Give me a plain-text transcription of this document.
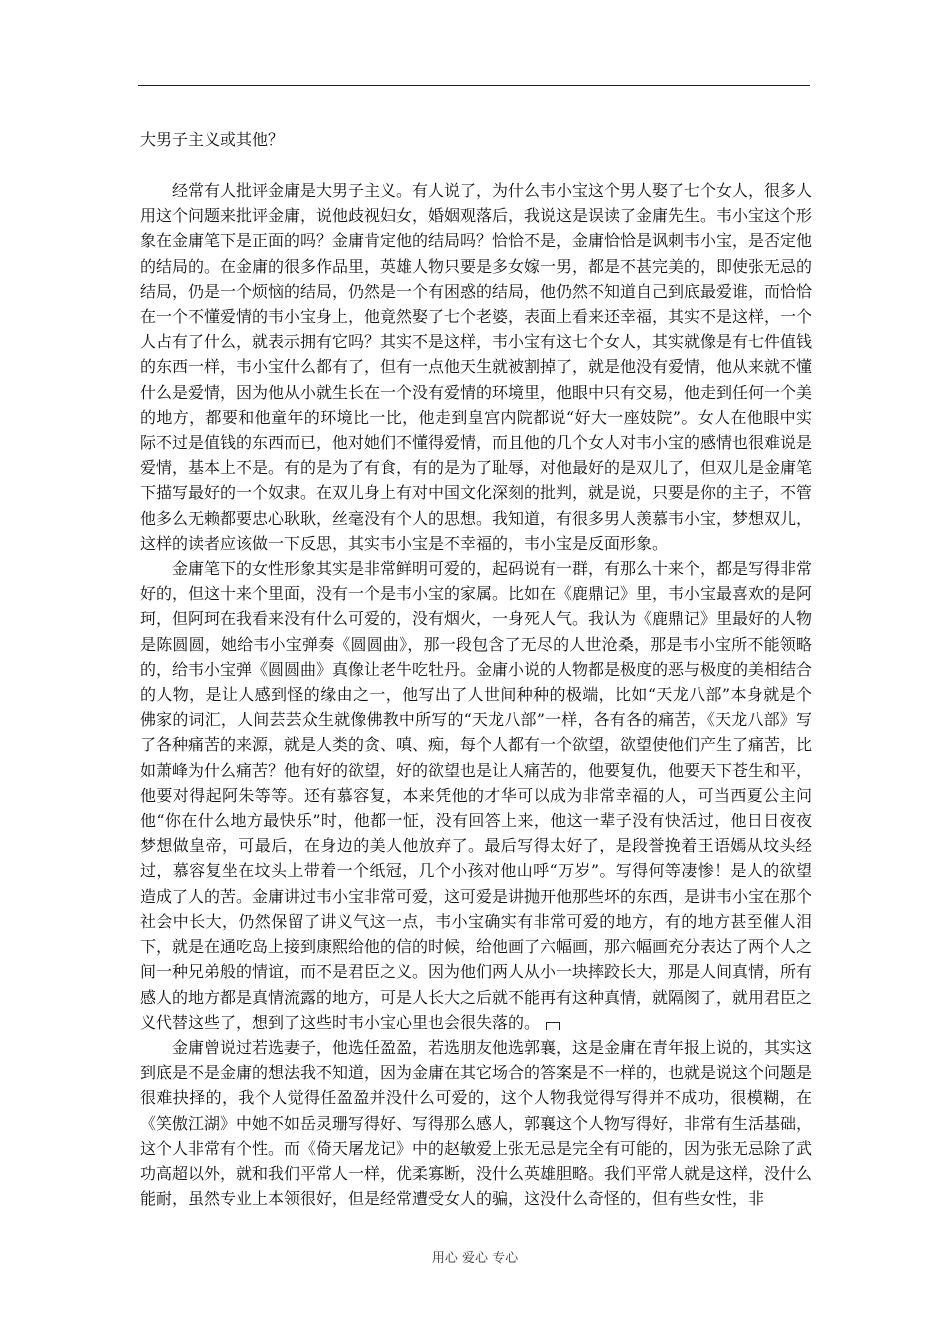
大男子主义或其他？

经常有人批评金庸是大男子主义。有人说了，为什么韦小宝这个男人娶了七个女人，很多人用这个问题来批评金庸，说他歧视妇女，婚姻观落后，我说这是误读了金庸先生。韦小宝这个形象在金庸笔下是正面的吗？金庸肯定他的结局吗？恰恰不是，金庸恰恰是讽刺韦小宝，是否定他的结局的。在金庸的很多作品里，英雄人物只要是多女嫁一男，都是不甚完美的，即使张无忌的结局，仍是一个烦恼的结局，仍然是一个有困惑的结局，他仍然不知道自己到底最爱谁，而恰恰在一个不懂爱情的韦小宝身上，他竟然娶了七个老婆，表面上看来还幸福，其实不是这样，一个人占有了什么，就表示拥有它吗？其实不是这样，韦小宝有这七个女人，其实就像是有七件值钱的东西一样，韦小宝什么都有了，但有一点他天生就被割掉了，就是他没有爱情，他从来就不懂什么是爱情，因为他从小就生长在一个没有爱情的环境里，他眼中只有交易，他走到任何一个美的地方，都要和他童年的环境比一比，他走到皇宫内院都说“好大一座妓院”。女人在他眼中实际不过是值钱的东西而已，他对她们不懂得爱情，而且他的几个女人对韦小宝的感情也很难说是爱情，基本上不是。有的是为了有食，有的是为了耻辱，对他最好的是双儿了，但双儿是金庸笔下描写最好的一个奴隶。在双儿身上有对中国文化深刻的批判，就是说，只要是你的主子，不管他多么无赖都要忠心耿耿，丝毫没有个人的思想。我知道，有很多男人羡慕韦小宝，梦想双儿，这样的读者应该做一下反思，其实韦小宝是不幸福的，韦小宝是反面形象。

金庸笔下的女性形象其实是非常鲜明可爱的，起码说有一群，有那么十来个，都是写得非常好的，但这十来个里面，没有一个是韦小宝的家属。比如在《鹿鼎记》里，韦小宝最喜欢的是阿珂，但阿珂在我看来没有什么可爱的，没有烟火，一身死人气。我认为《鹿鼎记》里最好的人物是陈圆圆，她给韦小宝弹奏《圆圆曲》，那一段包含了无尽的人世沧桑，那是韦小宝所不能领略的，给韦小宝弹《圆圆曲》真像让老牛吃牡丹。金庸小说的人物都是极度的恶与极度的美相结合的人物，是让人感到怪的缘由之一，他写出了人世间种种的极端，比如“天龙八部”本身就是个佛家的词汇，人间芸芸众生就像佛教中所写的“天龙八部”一样，各有各的痛苦，《天龙八部》写了各种痛苦的来源，就是人类的贪、嗔、痴，每个人都有一个欲望，欲望使他们产生了痛苦，比如萧峰为什么痛苦？他有好的欲望，好的欲望也是让人痛苦的，他要复仇，他要天下苍生和平，他要对得起阿朱等等。还有慕容复，本来凭他的才华可以成为非常幸福的人，可当西夏公主问他“你在什么地方最快乐”时，他都一怔，没有回答上来，他这一辈子没有快活过，他日日夜夜梦想做皇帝，可最后，在身边的美人他放弃了。最后写得太好了，是段誉挽着王语嫣从坟头经过，慕容复坐在坟头上带着一个纸冠，几个小孩对他山呼“万岁”。写得何等凄惨！是人的欲望造成了人的苦。金庸讲过韦小宝非常可爱，这可爱是讲抛开他那些坏的东西，是讲韦小宝在那个社会中长大，仍然保留了讲义气这一点，韦小宝确实有非常可爱的地方，有的地方甚至催人泪下，就是在通吃岛上接到康熙给他的信的时候，给他画了六幅画，那六幅画充分表达了两个人之间一种兄弟般的情谊，而不是君臣之义。因为他们两人从小一块摔跤长大，那是人间真情，所有感人的地方都是真情流露的地方，可是人长大之后就不能再有这种真情，就隔阂了，就用君臣之义代替这些了，想到了这些时韦小宝心里也会很失落的。

金庸曾说过若选妻子，他选任盈盈，若选朋友他选郭襄，这是金庸在青年报上说的，其实这到底是不是金庸的想法我不知道，因为金庸在其它场合的答案是不一样的，也就是说这个问题是很难抉择的，我个人觉得任盈盈并没什么可爱的，这个人物我觉得写得并不成功，很模糊，在《笑傲江湖》中她不如岳灵珊写得好、写得那么感人，郭襄这个人物写得好，非常有生活基础，这个人非常有个性。而《倚天屠龙记》中的赵敏爱上张无忌是完全有可能的，因为张无忌除了武功高超以外，就和我们平常人一样，优柔寡断，没什么英雄胆略。我们平常人就是这样，没什么能耐，虽然专业上本领很好，但是经常遭受女人的骗，这没什么奇怪的，但有些女性，非

用心 爱心 专心
